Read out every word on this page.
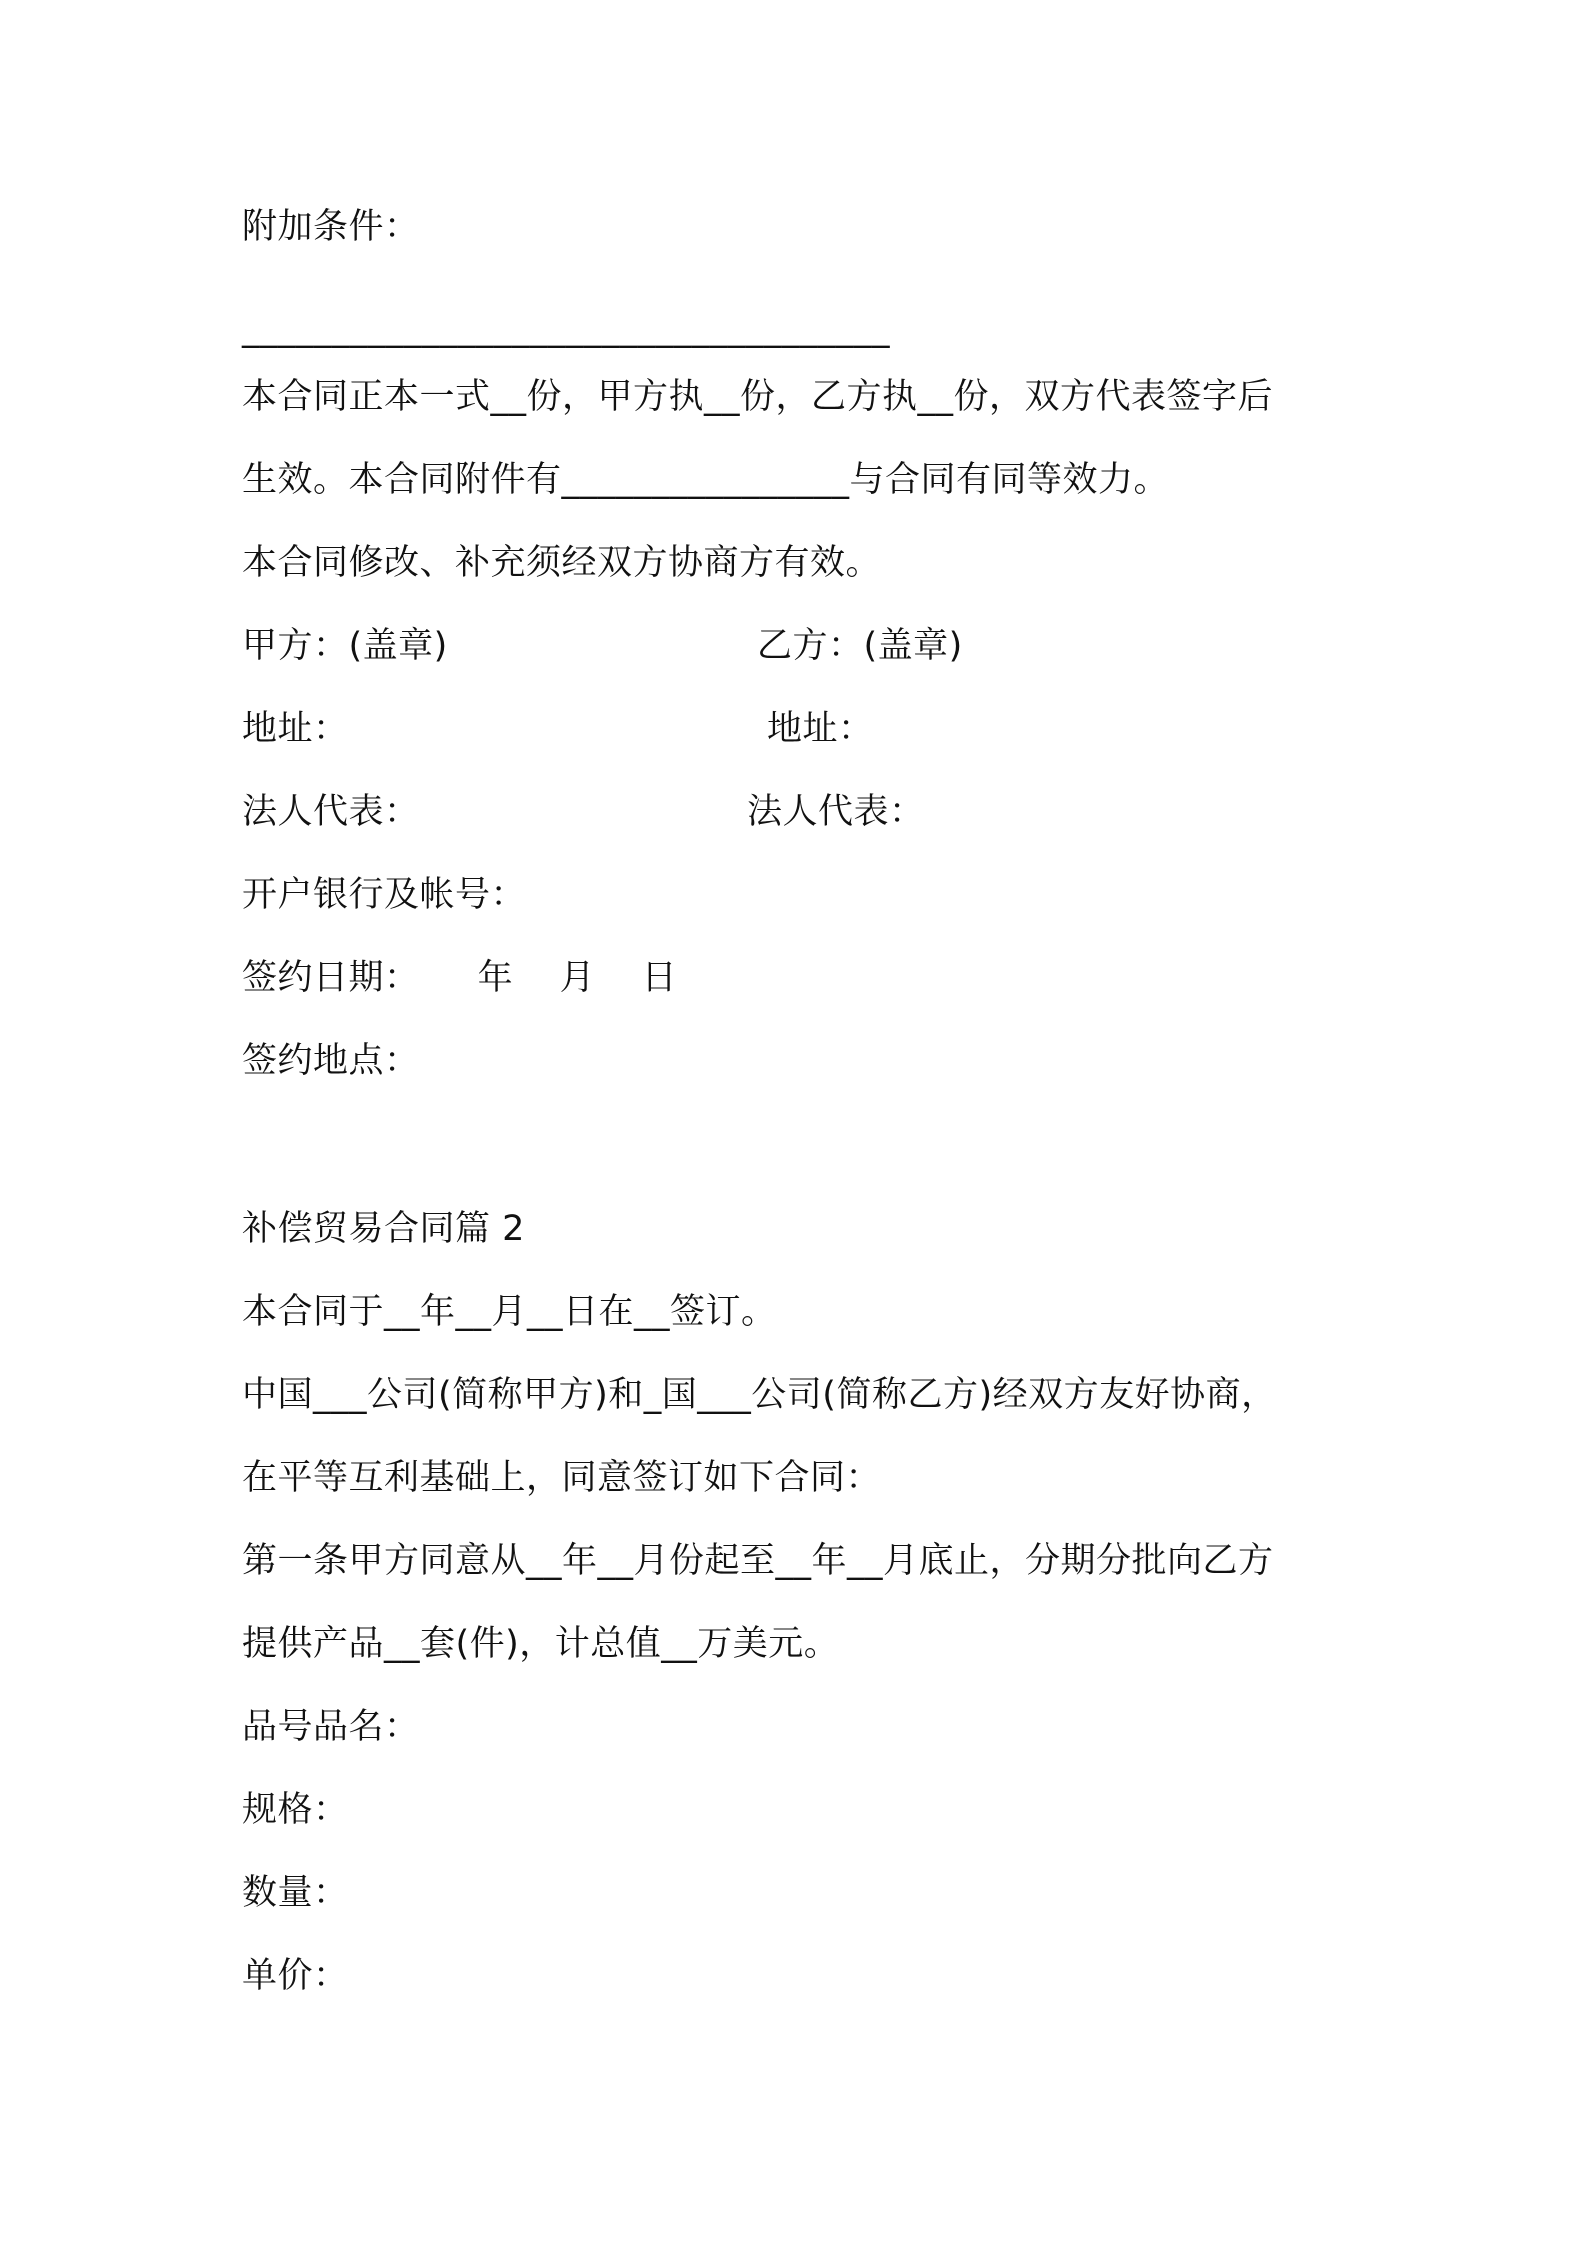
附加条件：
____________________________________
本合同正本一式__份，甲方执__份，乙方执__份，双方代表签字后
生效。本合同附件有________________与合同有同等效力。
本合同修改、补充须经双方协商方有效。
甲方：(盖章)	乙方：(盖章)
地址：	地址：
法人代表：	法人代表：
开户银行及帐号：
签约日期：     年    月    日
签约地点：
补偿贸易合同篇 2
本合同于__年__月__日在__签订。
中国___公司(简称甲方)和_国___公司(简称乙方)经双方友好协商，
在平等互利基础上，同意签订如下合同：
第一条甲方同意从__年__月份起至__年__月底止，分期分批向乙方
提供产品__套(件)，计总值__万美元。
品号品名：
规格：
数量：
单价：
